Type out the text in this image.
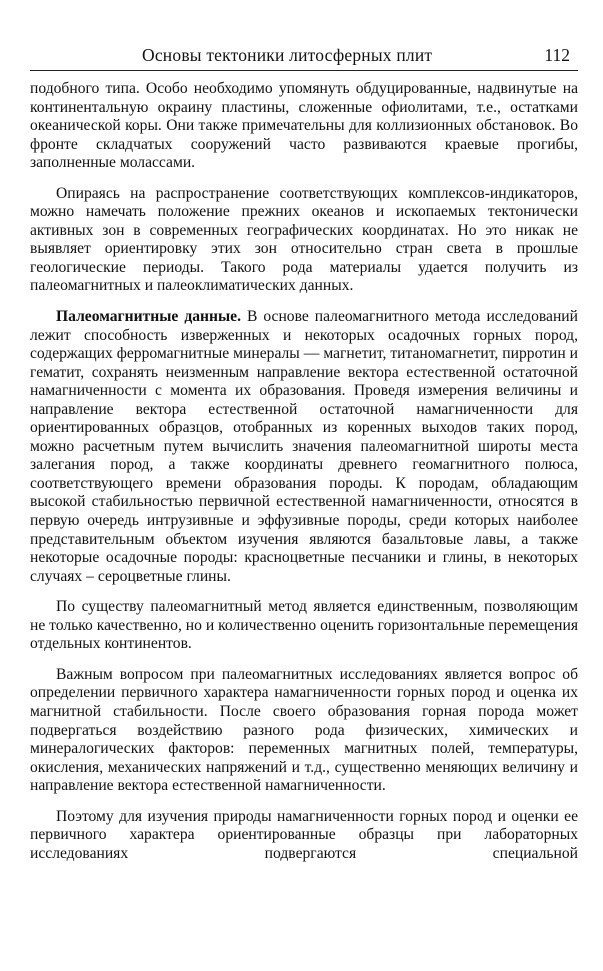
Основы тектоники литосферных плит	112

подобного типа. Особо необходимо упомянуть обдуцированные, надвинутые на континентальную окраину пластины, сложенные офиолитами, т.е., остатками океанической коры. Они также примечательны для коллизионных обстановок. Во фронте складчатых сооружений часто развиваются краевые прогибы, заполненные молассами.

Опираясь на распространение соответствующих комплексов-индикаторов, можно намечать положение прежних океанов и ископаемых тектонически активных зон в современных географических координатах. Но это никак не выявляет ориентировку этих зон относительно стран света в прошлые геологические периоды. Такого рода материалы удается получить из палеомагнитных и палеоклиматических данных.

Палеомагнитные данные. В основе палеомагнитного метода исследований лежит способность изверженных и некоторых осадочных горных пород, содержащих ферромагнитные минералы — магнетит, титаномагнетит, пирротин и гематит, сохранять неизменным направление вектора естественной остаточной намагниченности с момента их образования. Проведя измерения величины и направление вектора естественной остаточной намагниченности для ориентированных образцов, отобранных из коренных выходов таких пород, можно расчетным путем вычислить значения палеомагнитной широты места залегания пород, а также координаты древнего геомагнитного полюса, соответствующего времени образования породы. К породам, обладающим высокой стабильностью первичной естественной намагниченности, относятся в первую очередь интрузивные и эффузивные породы, среди которых наиболее представительным объектом изучения являются базальтовые лавы, а также некоторые осадочные породы: красноцветные песчаники и глины, в некоторых случаях – сероцветные глины.

По существу палеомагнитный метод является единственным, позволяющим не только качественно, но и количественно оценить горизонтальные перемещения отдельных континентов.

Важным вопросом при палеомагнитных исследованиях является вопрос об определении первичного характера намагниченности горных пород и оценка их магнитной стабильности. После своего образования горная порода может подвергаться воздействию разного рода физических, химических и минералогических факторов: переменных магнитных полей, температуры, окисления, механических напряжений и т.д., существенно меняющих величину и направление вектора естественной намагниченности.

Поэтому для изучения природы намагниченности горных пород и оценки ее первичного характера ориентированные образцы при лабораторных исследованиях подвергаются специальной
